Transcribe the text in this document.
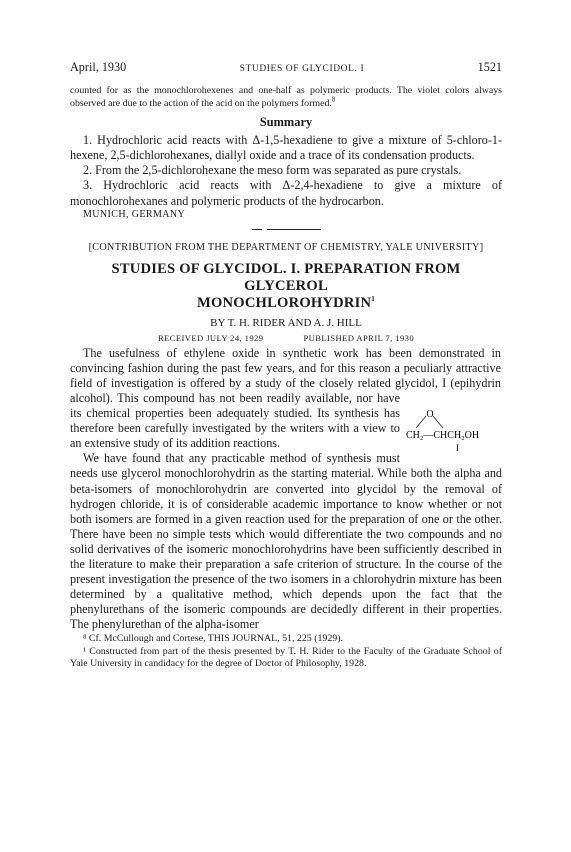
April, 1930	STUDIES OF GLYCIDOL. I	1521
counted for as the monochlorohexenes and one-half as polymeric products. The violet colors always observed are due to the action of the acid on the polymers formed.$^8$
Summary
1. Hydrochloric acid reacts with Δ-1,5-hexadiene to give a mixture of 5-chloro-1-hexene, 2,5-dichlorohexanes, diallyl oxide and a trace of its condensation products.
2. From the 2,5-dichlorohexane the meso form was separated as pure crystals.
3. Hydrochloric acid reacts with Δ-2,4-hexadiene to give a mixture of monochlorohexanes and polymeric products of the hydrocarbon.
MUNICH, GERMANY
[CONTRIBUTION FROM THE DEPARTMENT OF CHEMISTRY, YALE UNIVERSITY]
STUDIES OF GLYCIDOL. I. PREPARATION FROM GLYCEROL
MONOCHLOROHYDRIN$^1$
BY T. H. RIDER AND A. J. HILL
RECEIVED JULY 24, 1929	PUBLISHED APRIL 7, 1930
O
CH₂—CHCH₂OH
I
The usefulness of ethylene oxide in synthetic work has been demonstrated in convincing fashion during the past few years, and for this reason a peculiarly attractive field of investigation is offered by a study of the closely related glycidol, I (epihydrin alcohol). This compound has not been readily available, nor have its chemical properties been adequately studied. Its synthesis has therefore been carefully investigated by the writers with a view to an extensive study of its addition reactions.
We have found that any practicable method of synthesis must needs use glycerol monochlorohydrin as the starting material. While both the alpha and beta-isomers of monochlorohydrin are converted into glycidol by the removal of hydrogen chloride, it is of considerable academic importance to know whether or not both isomers are formed in a given reaction used for the preparation of one or the other. There have been no simple tests which would differentiate the two compounds and no solid derivatives of the isomeric monochlorohydrins have been sufficiently described in the literature to make their preparation a safe criterion of structure. In the course of the present investigation the presence of the two isomers in a chlorohydrin mixture has been determined by a qualitative method, which depends upon the fact that the phenylurethans of the isomeric compounds are decidedly different in their properties. The phenylurethan of the alpha-isomer
⁸ Cf. McCullough and Cortese, THIS JOURNAL, 51, 225 (1929).
¹ Constructed from part of the thesis presented by T. H. Rider to the Faculty of the Graduate School of Yale University in candidacy for the degree of Doctor of Philosophy, 1928.
